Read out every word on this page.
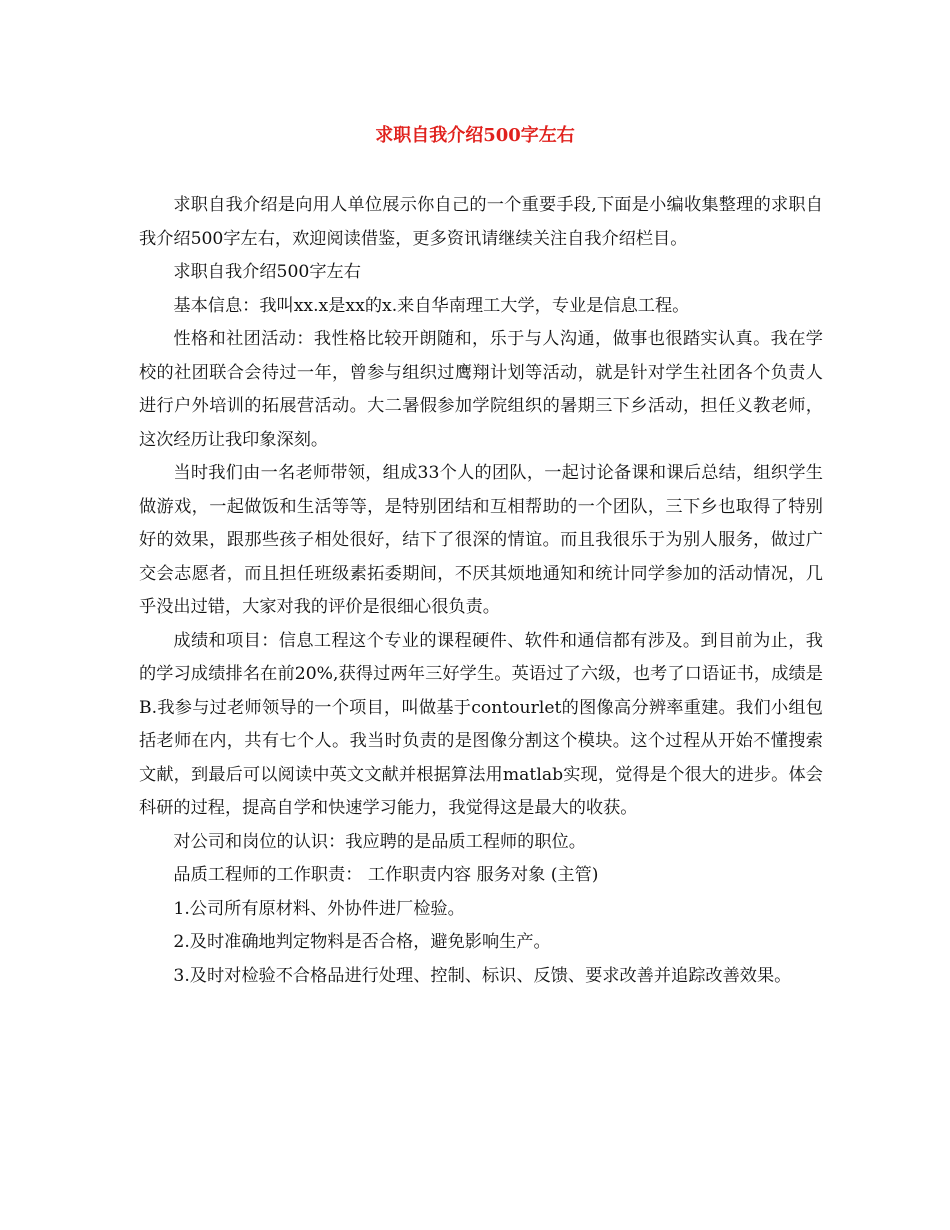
求职自我介绍500字左右

求职自我介绍是向用人单位展示你自己的一个重要手段,下面是小编收集整理的求职自我介绍500字左右，欢迎阅读借鉴，更多资讯请继续关注自我介绍栏目。

求职自我介绍500字左右

基本信息：我叫xx.x是xx的x.来自华南理工大学，专业是信息工程。

性格和社团活动：我性格比较开朗随和，乐于与人沟通，做事也很踏实认真。我在学校的社团联合会待过一年，曾参与组织过鹰翔计划等活动，就是针对学生社团各个负责人进行户外培训的拓展营活动。大二暑假参加学院组织的暑期三下乡活动，担任义教老师，这次经历让我印象深刻。

当时我们由一名老师带领，组成33个人的团队，一起讨论备课和课后总结，组织学生做游戏，一起做饭和生活等等，是特别团结和互相帮助的一个团队，三下乡也取得了特别好的效果，跟那些孩子相处很好，结下了很深的情谊。而且我很乐于为别人服务，做过广交会志愿者，而且担任班级素拓委期间，不厌其烦地通知和统计同学参加的活动情况，几乎没出过错，大家对我的评价是很细心很负责。

成绩和项目：信息工程这个专业的课程硬件、软件和通信都有涉及。到目前为止，我的学习成绩排名在前20%,获得过两年三好学生。英语过了六级，也考了口语证书，成绩是B.我参与过老师领导的一个项目，叫做基于contourlet的图像高分辨率重建。我们小组包括老师在内，共有七个人。我当时负责的是图像分割这个模块。这个过程从开始不懂搜索文献，到最后可以阅读中英文文献并根据算法用matlab实现，觉得是个很大的进步。体会科研的过程，提高自学和快速学习能力，我觉得这是最大的收获。

对公司和岗位的认识：我应聘的是品质工程师的职位。

品质工程师的工作职责： 工作职责内容 服务对象 (主管)

1.公司所有原材料、外协件进厂检验。

2.及时准确地判定物料是否合格，避免影响生产。

3.及时对检验不合格品进行处理、控制、标识、反馈、要求改善并追踪改善效果。
